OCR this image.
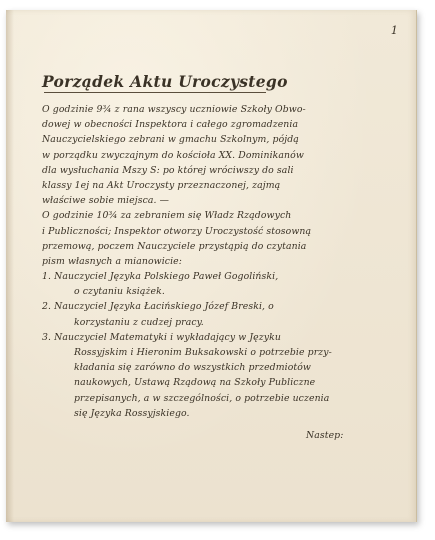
1
Porządek Aktu Uroczystego
O godzinie 9¾ z rana wszyscy uczniowie Szkoły Obwo-
dowej w obecności Inspektora i całego zgromadzenia
Nauczycielskiego zebrani w gmachu Szkolnym, pójdą
w porządku zwyczajnym do kościoła XX. Dominikanów
dla wysłuchania Mszy S: po której wróciwszy do sali
klassy 1ej na Akt Uroczysty przeznaczonej, zajmą
właściwe sobie miejsca. —
O godzinie 10¾ za zebraniem się Władz Rządowych
i Publiczności; Inspektor otworzy Uroczystość stosowną
przemową, poczem Nauczyciele przystąpią do czytania
pism własnych a mianowicie:
1. Nauczyciel Języka Polskiego Paweł Gogoliński,
o czytaniu książek.
2. Nauczyciel Języka Łacińskiego Józef Breski, o
korzystaniu z cudzej pracy.
3. Nauczyciel Matematyki i wykładający w Języku
Rossyjskim i Hieronim Buksakowski o potrzebie przy-
kładania się zarówno do wszystkich przedmiotów
naukowych, Ustawą Rządową na Szkoły Publiczne
przepisanych, a w szczególności, o potrzebie uczenia
się Języka Rossyjskiego.
Nastep:
